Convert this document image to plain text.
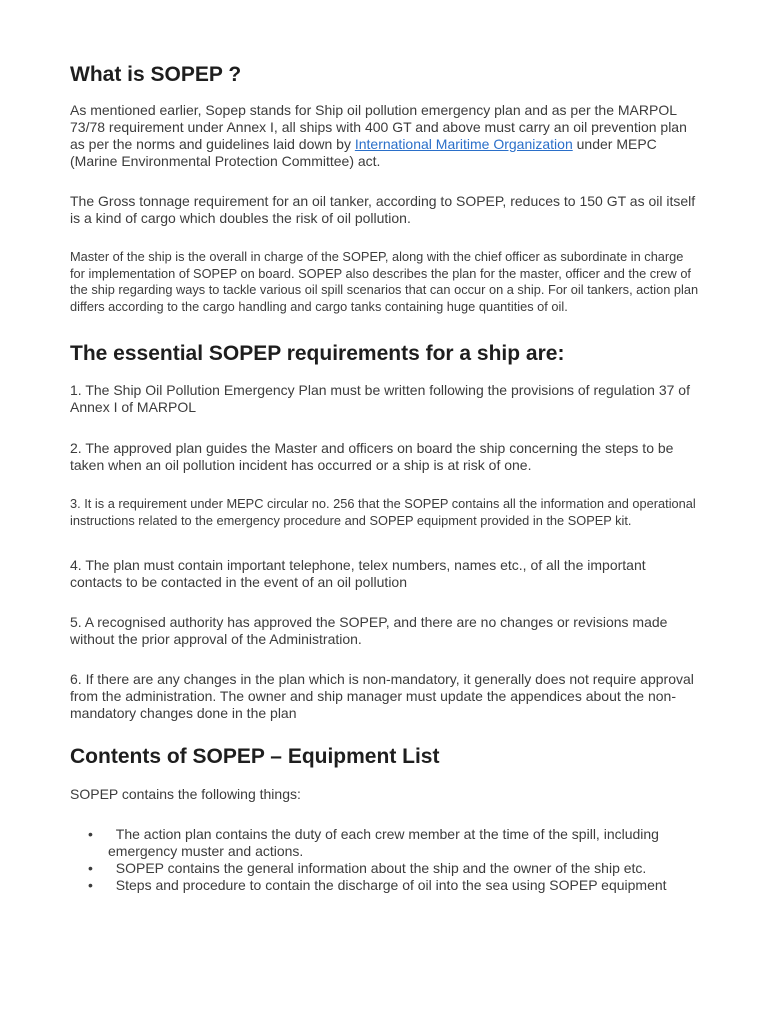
What is SOPEP ?

As mentioned earlier, Sopep stands for Ship oil pollution emergency plan and as per the MARPOL 73/78 requirement under Annex I, all ships with 400 GT and above must carry an oil prevention plan as per the norms and guidelines laid down by International Maritime Organization under MEPC (Marine Environmental Protection Committee) act.

The Gross tonnage requirement for an oil tanker, according to SOPEP, reduces to 150 GT as oil itself is a kind of cargo which doubles the risk of oil pollution.

Master of the ship is the overall in charge of the SOPEP, along with the chief officer as subordinate in charge for implementation of SOPEP on board. SOPEP also describes the plan for the master, officer and the crew of the ship regarding ways to tackle various oil spill scenarios that can occur on a ship. For oil tankers, action plan differs according to the cargo handling and cargo tanks containing huge quantities of oil.

The essential SOPEP requirements for a ship are:

1. The Ship Oil Pollution Emergency Plan must be written following the provisions of regulation 37 of Annex I of MARPOL

2. The approved plan guides the Master and officers on board the ship concerning the steps to be taken when an oil pollution incident has occurred or a ship is at risk of one.

3. It is a requirement under MEPC circular no. 256 that the SOPEP contains all the information and operational instructions related to the emergency procedure and SOPEP equipment provided in the SOPEP kit.

4. The plan must contain important telephone, telex numbers, names etc., of all the important contacts to be contacted in the event of an oil pollution

5. A recognised authority has approved the SOPEP, and there are no changes or revisions made without the prior approval of the Administration.

6. If there are any changes in the plan which is non-mandatory, it generally does not require approval from the administration. The owner and ship manager must update the appendices about the non-mandatory changes done in the plan

Contents of SOPEP – Equipment List

SOPEP contains the following things:

• The action plan contains the duty of each crew member at the time of the spill, including emergency muster and actions.
• SOPEP contains the general information about the ship and the owner of the ship etc.
• Steps and procedure to contain the discharge of oil into the sea using SOPEP equipment
